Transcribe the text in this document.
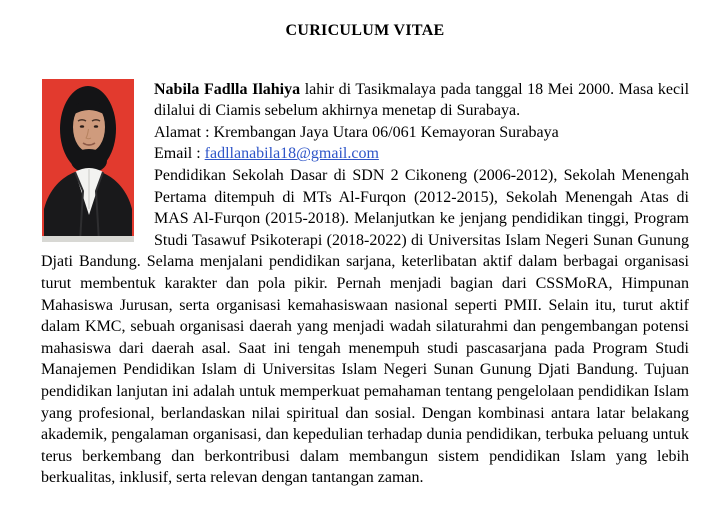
CURICULUM VITAE

Nabila Fadlla Ilahiya lahir di Tasikmalaya pada tanggal 18 Mei 2000. Masa kecil dilalui di Ciamis sebelum akhirnya menetap di Surabaya.
Alamat : Krembangan Jaya Utara 06/061 Kemayoran Surabaya
Email : fadllanabila18@gmail.com
Pendidikan Sekolah Dasar di SDN 2 Cikoneng (2006-2012), Sekolah Menengah Pertama ditempuh di MTs Al-Furqon (2012-2015), Sekolah Menengah Atas di MAS Al-Furqon (2015-2018). Melanjutkan ke jenjang pendidikan tinggi, Program Studi Tasawuf Psikoterapi (2018-2022) di Universitas Islam Negeri Sunan Gunung Djati Bandung. Selama menjalani pendidikan sarjana, keterlibatan aktif dalam berbagai organisasi turut membentuk karakter dan pola pikir. Pernah menjadi bagian dari CSSMoRA, Himpunan Mahasiswa Jurusan, serta organisasi kemahasiswaan nasional seperti PMII. Selain itu, turut aktif dalam KMC, sebuah organisasi daerah yang menjadi wadah silaturahmi dan pengembangan potensi mahasiswa dari daerah asal. Saat ini tengah menempuh studi pascasarjana pada Program Studi Manajemen Pendidikan Islam di Universitas Islam Negeri Sunan Gunung Djati Bandung. Tujuan pendidikan lanjutan ini adalah untuk memperkuat pemahaman tentang pengelolaan pendidikan Islam yang profesional, berlandaskan nilai spiritual dan sosial. Dengan kombinasi antara latar belakang akademik, pengalaman organisasi, dan kepedulian terhadap dunia pendidikan, terbuka peluang untuk terus berkembang dan berkontribusi dalam membangun sistem pendidikan Islam yang lebih berkualitas, inklusif, serta relevan dengan tantangan zaman.
